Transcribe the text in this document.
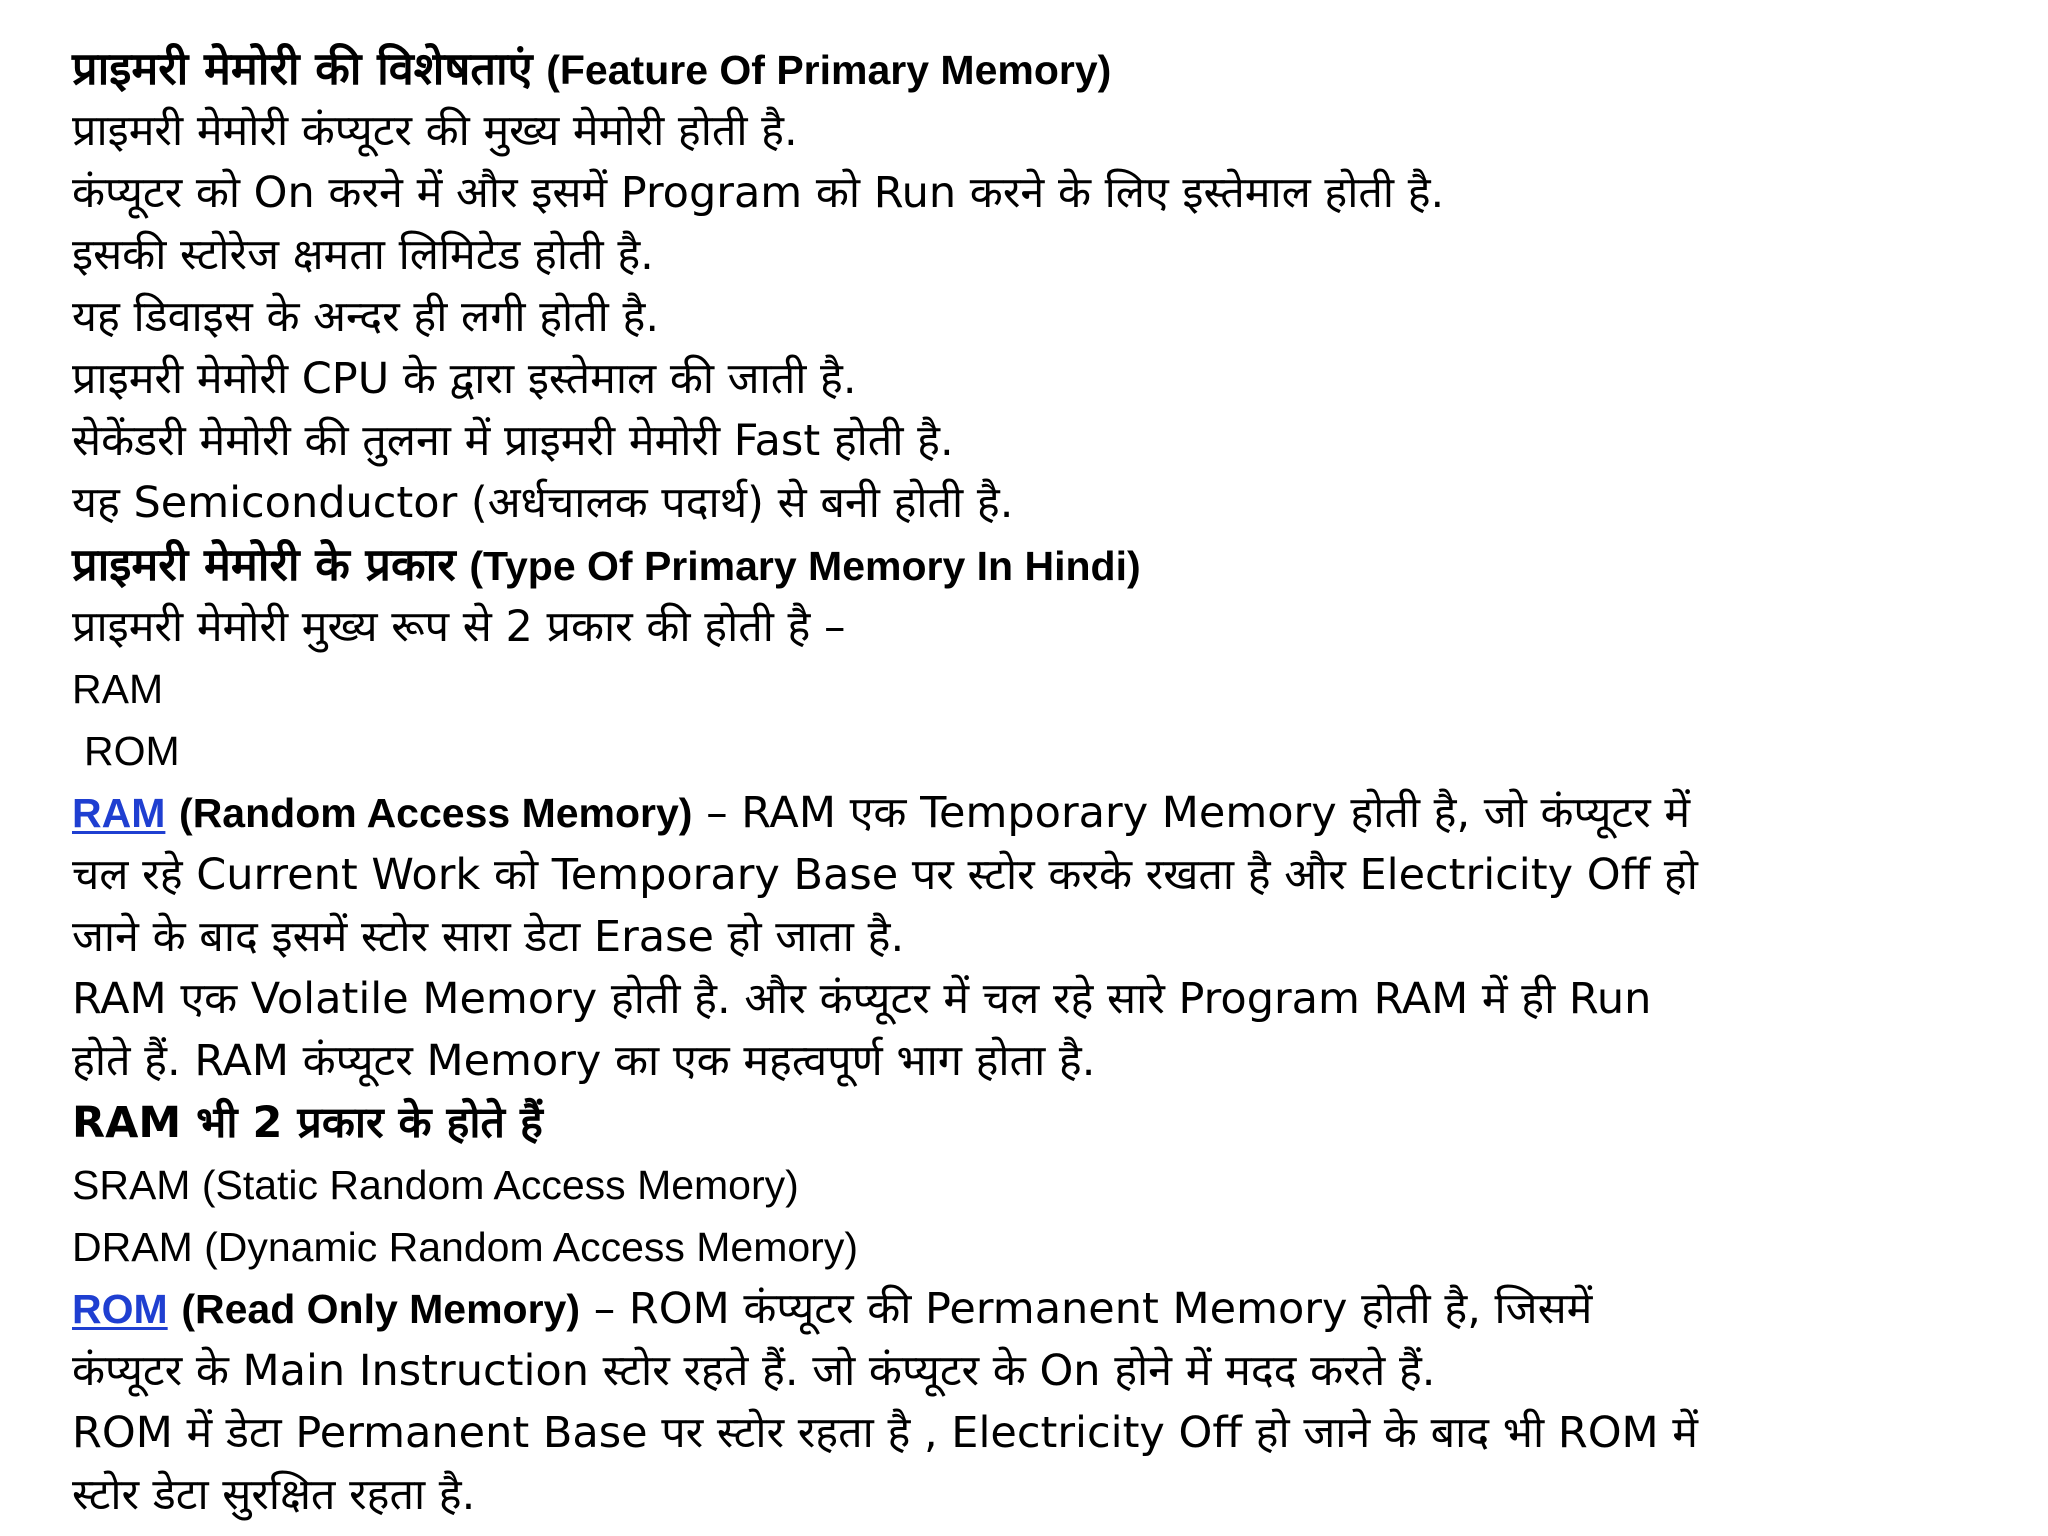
प्राइमरी मेमोरी की विशेषताएं (Feature Of Primary Memory)
प्राइमरी मेमोरी कंप्यूटर की मुख्य मेमोरी होती है.
कंप्यूटर को On करने में और इसमें Program को Run करने के लिए इस्तेमाल होती है.
इसकी स्टोरेज क्षमता लिमिटेड होती है.
यह डिवाइस के अन्दर ही लगी होती है.
प्राइमरी मेमोरी CPU के द्वारा इस्तेमाल की जाती है.
सेकेंडरी मेमोरी की तुलना में प्राइमरी मेमोरी Fast होती है.
यह Semiconductor (अर्धचालक पदार्थ) से बनी होती है.
प्राइमरी मेमोरी के प्रकार (Type Of Primary Memory In Hindi)
प्राइमरी मेमोरी मुख्य रूप से 2 प्रकार की होती है –
RAM
ROM
RAM (Random Access Memory) – RAM एक Temporary Memory होती है, जो कंप्यूटर में
चल रहे Current Work को Temporary Base पर स्टोर करके रखता है और Electricity Off हो
जाने के बाद इसमें स्टोर सारा डेटा Erase हो जाता है.
RAM एक Volatile Memory होती है. और कंप्यूटर में चल रहे सारे Program RAM में ही Run
होते हैं. RAM कंप्यूटर Memory का एक महत्वपूर्ण भाग होता है.
RAM भी 2 प्रकार के होते हैं
SRAM (Static Random Access Memory)
DRAM (Dynamic Random Access Memory)
ROM (Read Only Memory) – ROM कंप्यूटर की Permanent Memory होती है, जिसमें
कंप्यूटर के Main Instruction स्टोर रहते हैं. जो कंप्यूटर के On होने में मदद करते हैं.
ROM में डेटा Permanent Base पर स्टोर रहता है , Electricity Off हो जाने के बाद भी ROM में
स्टोर डेटा सुरक्षित रहता है.
